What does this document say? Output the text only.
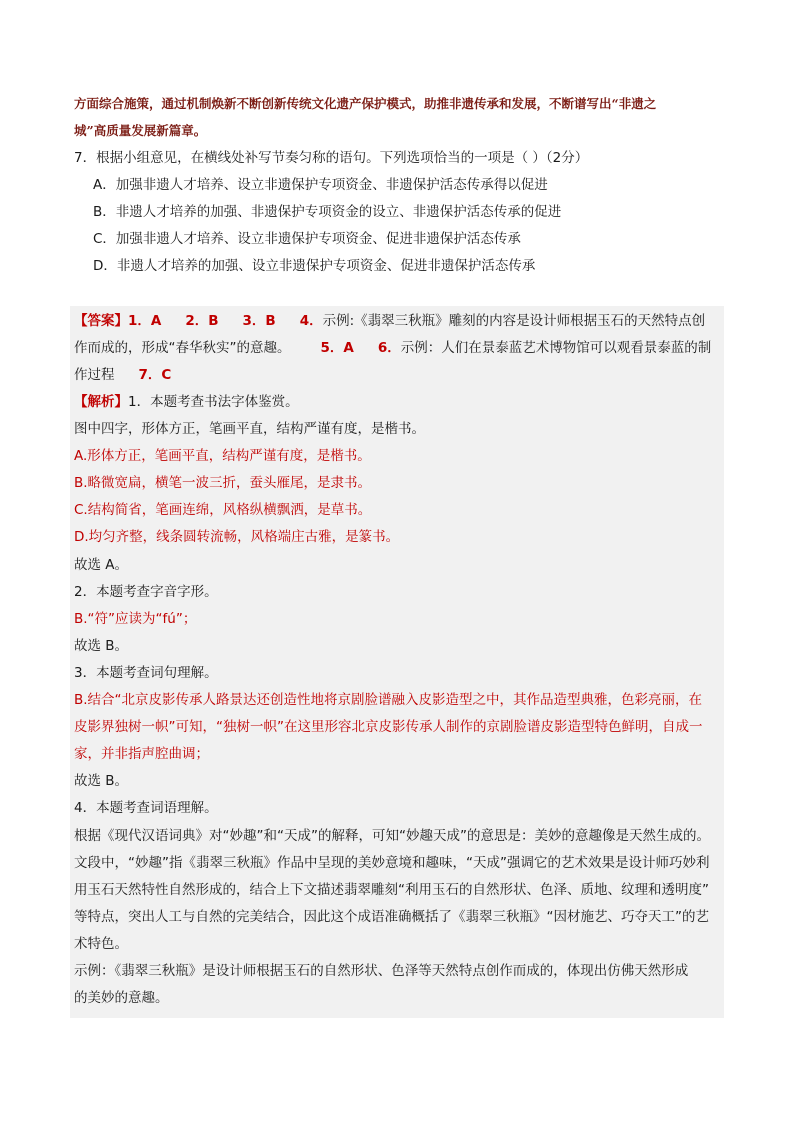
方面综合施策，通过机制焕新不断创新传统文化遗产保护模式，助推非遗传承和发展，不断谱写出“非遗之
城”高质量发展新篇章。
7．根据小组意见，在横线处补写节奏匀称的语句。下列选项恰当的一项是（ ）（2分）
A．加强非遗人才培养、设立非遗保护专项资金、非遗保护活态传承得以促进
B．非遗人才培养的加强、非遗保护专项资金的设立、非遗保护活态传承的促进
C．加强非遗人才培养、设立非遗保护专项资金、促进非遗保护活态传承
D．非遗人才培养的加强、设立非遗保护专项资金、促进非遗保护活态传承
【答案】1．A 2．B 3．B 4．示例:《翡翠三秋瓶》雕刻的内容是设计师根据玉石的天然特点创
作而成的，形成“春华秋实”的意趣。 5．A 6．示例：人们在景泰蓝艺术博物馆可以观看景泰蓝的制
作过程 7．C
【解析】1．本题考查书法字体鉴赏。
图中四字，形体方正，笔画平直，结构严谨有度，是楷书。
A.形体方正，笔画平直，结构严谨有度，是楷书。
B.略微宽扁，横笔一波三折，蚕头雁尾，是隶书。
C.结构简省，笔画连绵，风格纵横飘洒，是草书。
D.均匀齐整，线条圆转流畅，风格端庄古雅，是篆书。
故选 A。
2．本题考查字音字形。
B.“符”应读为“fú”；
故选 B。
3．本题考查词句理解。
B.结合“北京皮影传承人路景达还创造性地将京剧脸谱融入皮影造型之中，其作品造型典雅，色彩亮丽，在
皮影界独树一帜”可知，“独树一帜”在这里形容北京皮影传承人制作的京剧脸谱皮影造型特色鲜明，自成一
家，并非指声腔曲调；
故选 B。
4．本题考查词语理解。
根据《现代汉语词典》对“妙趣”和“天成”的解释，可知“妙趣天成”的意思是：美妙的意趣像是天然生成的。
文段中，“妙趣”指《翡翠三秋瓶》作品中呈现的美妙意境和趣味，“天成”强调它的艺术效果是设计师巧妙利
用玉石天然特性自然形成的，结合上下文描述翡翠雕刻“利用玉石的自然形状、色泽、质地、纹理和透明度”
等特点，突出人工与自然的完美结合，因此这个成语准确概括了《翡翠三秋瓶》“因材施艺、巧夺天工”的艺
术特色。
示例：《翡翠三秋瓶》是设计师根据玉石的自然形状、色泽等天然特点创作而成的，体现出仿佛天然形成
的美妙的意趣。
